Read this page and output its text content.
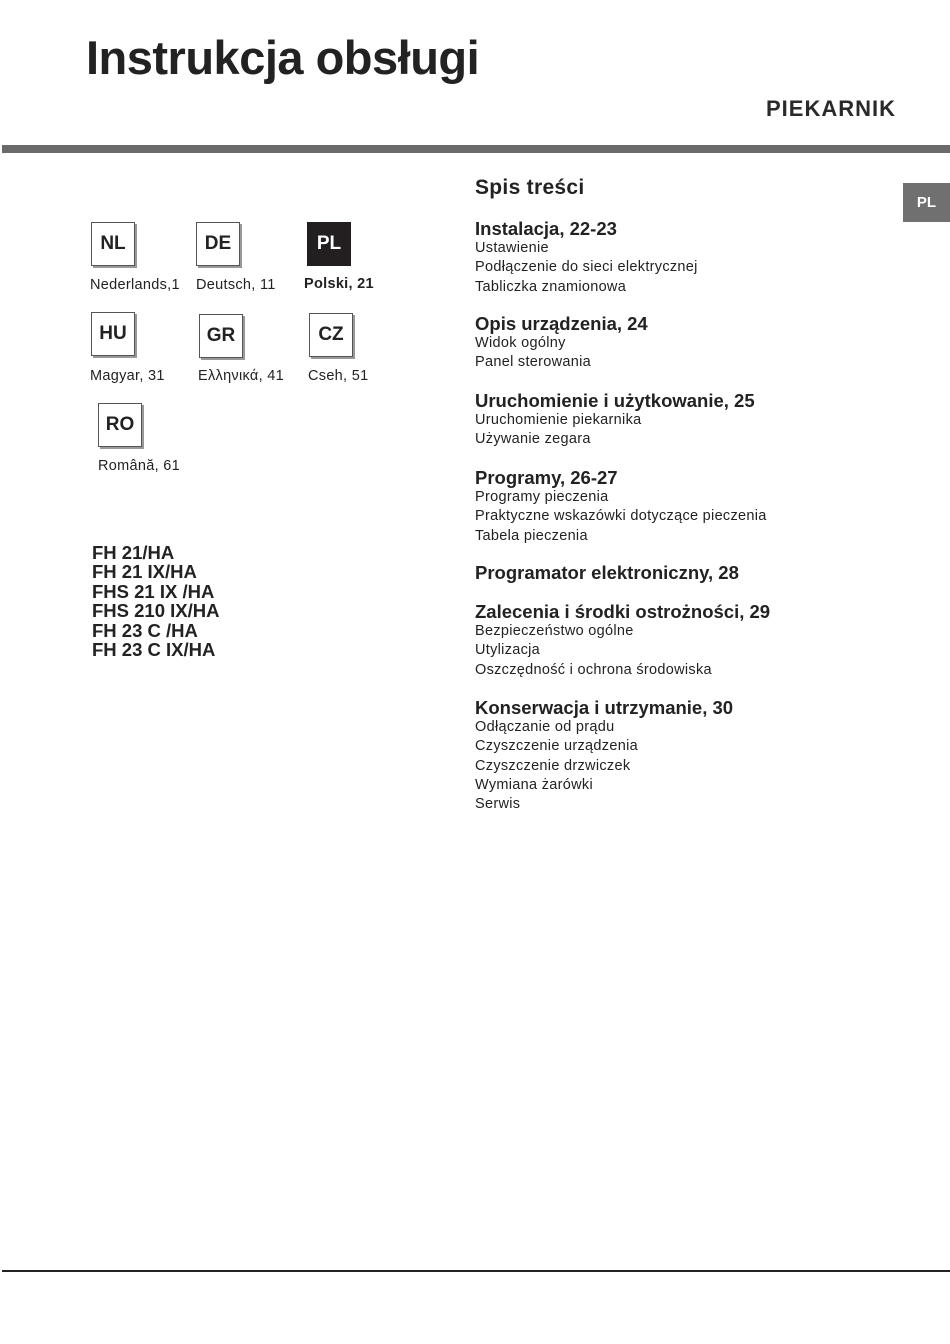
Instrukcja obsługi
PIEKARNIK
PL
NL
Nederlands,1
DE
Deutsch, 11
PL
Polski, 21
HU
Magyar, 31
GR
Ελληνικά, 41
CZ
Cseh, 51
RO
Română, 61
FH 21/HA
FH 21 IX/HA
FHS 21 IX /HA
FHS 210 IX/HA
FH 23 C /HA
FH 23 C IX/HA
Spis treści
Instalacja, 22-23
Ustawienie
Podłączenie do sieci elektrycznej
Tabliczka znamionowa
Opis urządzenia, 24
Widok ogólny
Panel sterowania
Uruchomienie i użytkowanie, 25
Uruchomienie piekarnika
Używanie zegara
Programy, 26-27
Programy pieczenia
Praktyczne wskazówki dotyczące pieczenia
Tabela pieczenia
Programator elektroniczny, 28
Zalecenia i środki ostrożności, 29
Bezpieczeństwo ogólne
Utylizacja
Oszczędność i ochrona środowiska
Konserwacja i utrzymanie, 30
Odłączanie od prądu
Czyszczenie urządzenia
Czyszczenie drzwiczek
Wymiana żarówki
Serwis
